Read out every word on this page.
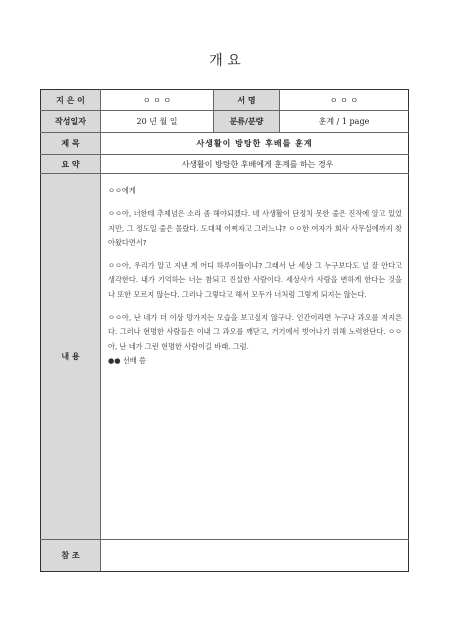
개 요
지 은 이	ㅇ ㅇ ㅇ	서 명	ㅇ ㅇ ㅇ
작성일자	20 년 월 일	분류/분량	훈계 / 1 page
제 목	사생활이 방탕한 후배를 훈계		
요 약	사생활이 방탕한 후배에게 훈계를 하는 경우		
내 용	ㅇㅇ에게

ㅇㅇ아, 너한테 추제넘은 소리 좀 해야되겠다. 네 사생활이 단정치 못한 줄은 진작에 알고 있었지만, 그 정도일 줄은 몰랐다. 도대체 어쩌자고 그러느냐? ㅇㅇ한 여자가 회사 사무실에까지 찾아왔다면서?

ㅇㅇ아, 우리가 알고 지낸 게 어디 하루이틀이냐? 그래서 난 세상 그 누구보다도 널 잘 안다고 생각한다. 내가 기억하는 너는 참되고 진실한 사람이다. 세상사가 사람을 변하게 한다는 것을 나 또한 모르지 않는다. 그러나 그렇다고 해서 모두가 너처럼 그렇게 되지는 않는다.

ㅇㅇ아, 난 네가 더 이상 망가지는 모습을 보고싶지 않구나. 인간이라면 누구나 과오를 저지른다. 그러나 현명한 사람들은 이내 그 과오를 깨닫고, 거기에서 벗어나기 위해 노력한단다. ㅇㅇ아, 난 네가 그런 현명한 사람이길 바래. 그럼.

●● 선배 씀		

참 조			
